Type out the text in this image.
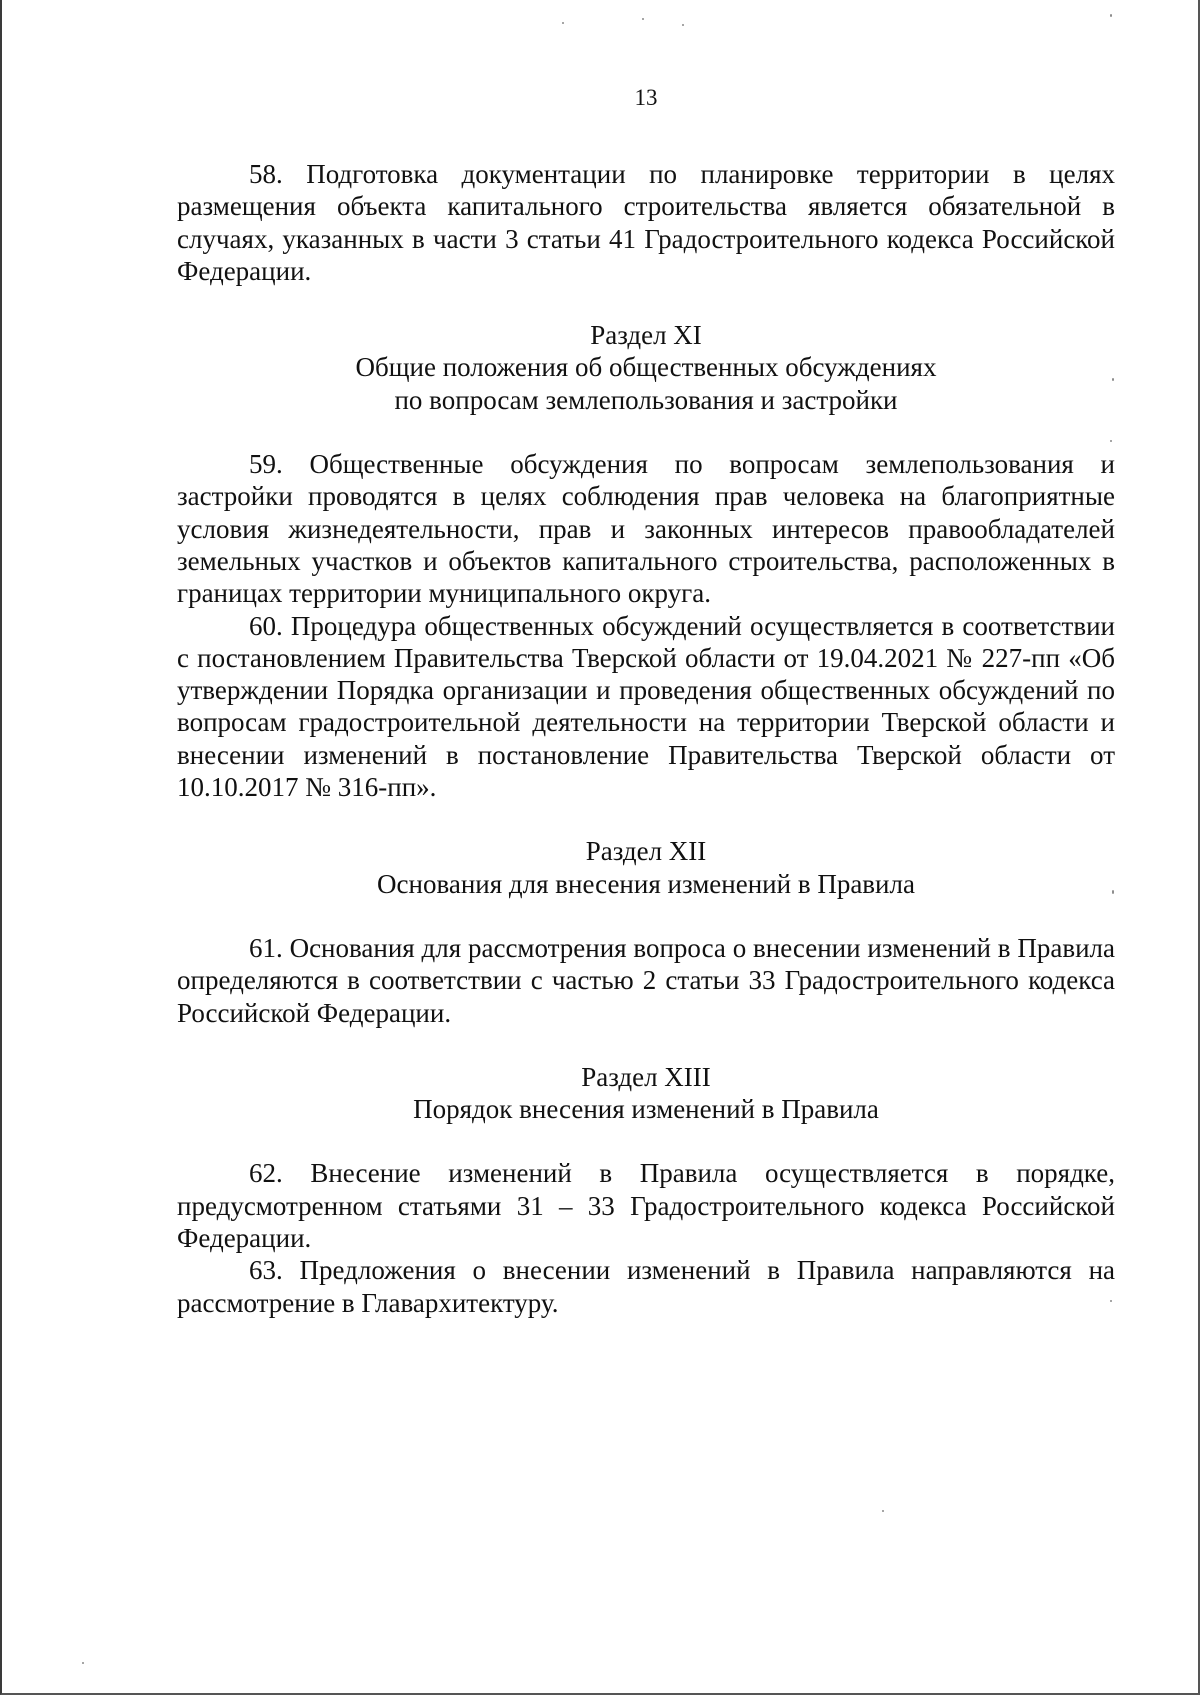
13

58. Подготовка документации по планировке территории в целях размещения объекта капитального строительства является обязательной в случаях, указанных в части 3 статьи 41 Градостроительного кодекса Российской Федерации.

Раздел XI

Общие положения об общественных обсуждениях

по вопросам землепользования и застройки

59. Общественные обсуждения по вопросам землепользования и застройки проводятся в целях соблюдения прав человека на благоприятные условия жизнедеятельности, прав и законных интересов правообладателей земельных участков и объектов капитального строительства, расположенных в границах территории муниципального округа.

60. Процедура общественных обсуждений осуществляется в соответствии с постановлением Правительства Тверской области от 19.04.2021 № 227-пп «Об утверждении Порядка организации и проведения общественных обсуждений по вопросам градостроительной деятельности на территории Тверской области и внесении изменений в постановление Правительства Тверской области от 10.10.2017 № 316-пп».

Раздел XII

Основания для внесения изменений в Правила

61. Основания для рассмотрения вопроса о внесении изменений в Правила определяются в соответствии с частью 2 статьи 33 Градостроительного кодекса Российской Федерации.

Раздел XIII

Порядок внесения изменений в Правила

62. Внесение изменений в Правила осуществляется в порядке, предусмотренном статьями 31 – 33 Градостроительного кодекса Российской Федерации.

63. Предложения о внесении изменений в Правила направляются на рассмотрение в Главархитектуру.
